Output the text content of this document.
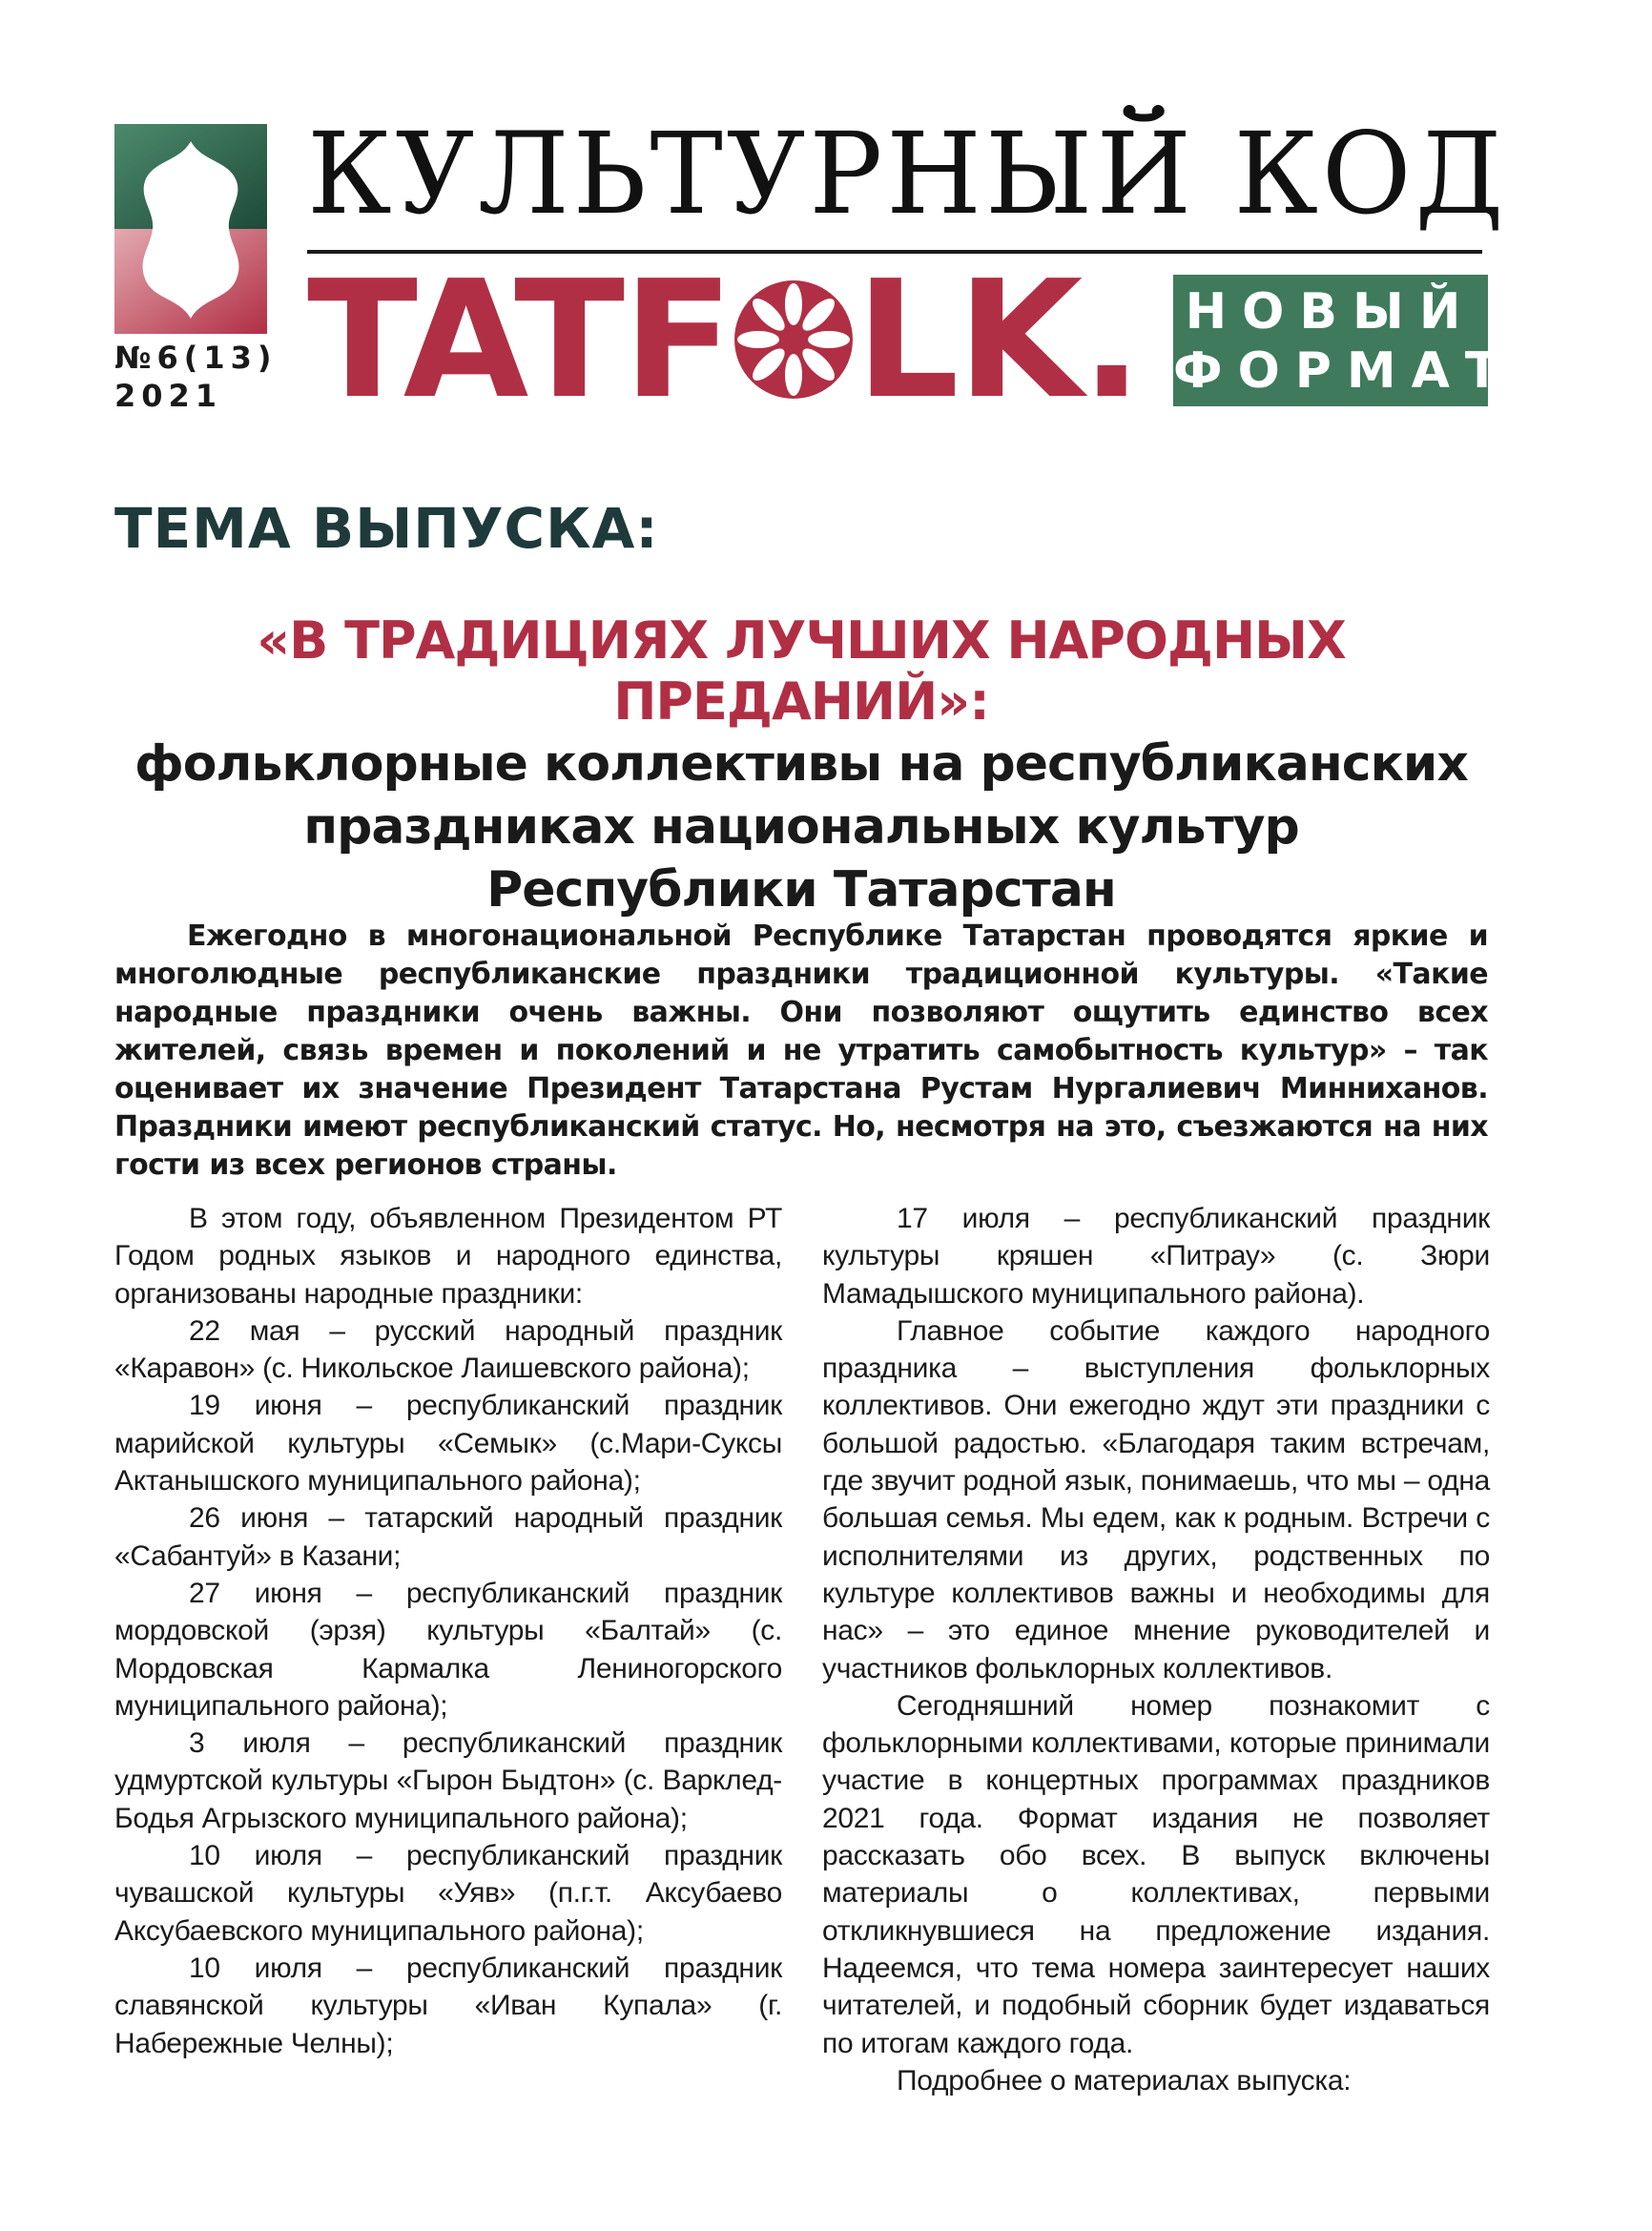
№6(13)
2021
КУЛЬТУРНЫЙ КОД
TATF LK. НОВЫЙ
ФОРМАТ
ТЕМА ВЫПУСКА:
«В ТРАДИЦИЯХ ЛУЧШИХ НАРОДНЫХ ПРЕДАНИЙ»:
фольклорные коллективы на республиканских
праздниках национальных культур
Республики Татарстан

Ежегодно в многонациональной Республике Татарстан проводятся яркие и многолюдные республиканские праздники традиционной культуры. «Такие народные праздники очень важны. Они позволяют ощутить единство всех жителей, связь времен и поколений и не утратить самобытность культур» – так оценивает их значение Президент Татарстана Рустам Нургалиевич Минниханов. Праздники имеют республиканский статус. Но, несмотря на это, съезжаются на них гости из всех регионов страны.

В этом году, объявленном Президентом РТ Годом родных языков и народного единства, организованы народные праздники:

22 мая – русский народный праздник «Каравон» (с. Никольское Лаишевского района);

19 июня – республиканский праздник марийской культуры «Семык» (с.Мари-Суксы Актанышского муниципального района);

26 июня – татарский народный праздник «Сабантуй» в Казани;

27 июня – республиканский праздник мордовской (эрзя) культуры «Балтай» (с. Мордовская Кармалка Лениногорского муниципального района);

3 июля – республиканский праздник удмуртской культуры «Гырон Быдтон» (с. Варклед-Бодья Агрызского муниципального района);

10 июля – республиканский праздник чувашской культуры «Уяв» (п.г.т. Аксубаево Аксубаевского муниципального района);

10 июля – республиканский праздник славянской культуры «Иван Купала» (г. Набережные Челны);

17 июля – республиканский праздник культуры кряшен «Питрау» (с. Зюри Мамадышского муниципального района).

Главное событие каждого народного праздника – выступления фольклорных коллективов. Они ежегодно ждут эти праздники с большой радостью. «Благодаря таким встречам, где звучит родной язык, понимаешь, что мы – одна большая семья. Мы едем, как к родным. Встречи с исполнителями из других, родственных по культуре коллективов важны и необходимы для нас» – это единое мнение руководителей и участников фольклорных коллективов.

Сегодняшний номер познакомит с фольклорными коллективами, которые принимали участие в концертных программах праздников 2021 года. Формат издания не позволяет рассказать обо всех. В выпуск включены материалы о коллективах, первыми откликнувшиеся на предложение издания. Надеемся, что тема номера заинтересует наших читателей, и подобный сборник будет издаваться по итогам каждого года.

Подробнее о материалах выпуска:
